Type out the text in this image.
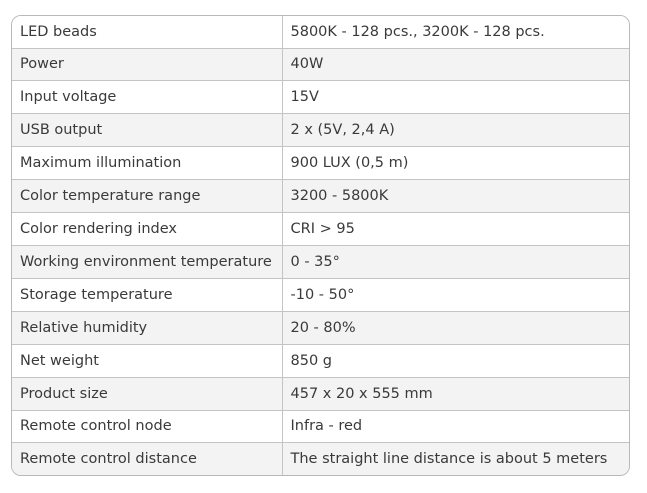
LED beads	5800K - 128 pcs., 3200K - 128 pcs.
Power	40W
Input voltage	15V
USB output	2 x (5V, 2,4 A)
Maximum illumination	900 LUX (0,5 m)
Color temperature range	3200 - 5800K
Color rendering index	CRI > 95
Working environment temperature	0 - 35°
Storage temperature	-10 - 50°
Relative humidity	20 - 80%
Net weight	850 g
Product size	457 x 20 x 555 mm
Remote control node	Infra - red
Remote control distance	The straight line distance is about 5 meters
